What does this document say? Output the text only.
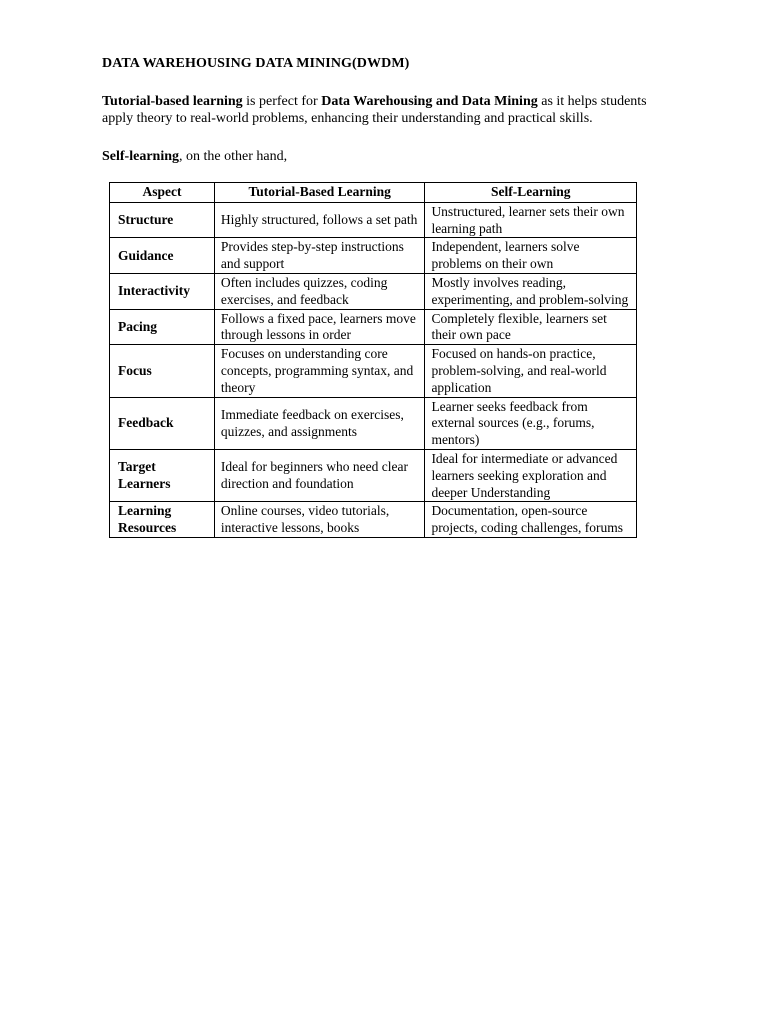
DATA WAREHOUSING DATA MINING(DWDM)
Tutorial-based learning is perfect for Data Warehousing and Data Mining as it helps students apply theory to real-world problems, enhancing their understanding and practical skills.
Self-learning, on the other hand,
Aspect	Tutorial-Based Learning	Self-Learning
Structure	Highly structured, follows a set path	Unstructured, learner sets their own learning path
Guidance	Provides step-by-step instructions and support	Independent, learners solve problems on their own
Interactivity	Often includes quizzes, coding exercises, and feedback	Mostly involves reading, experimenting, and problem-solving
Pacing	Follows a fixed pace, learners move through lessons in order	Completely flexible, learners set their own pace
Focus	Focuses on understanding core concepts, programming syntax, and theory	Focused on hands-on practice, problem-solving, and real-world application
Feedback	Immediate feedback on exercises, quizzes, and assignments	Learner seeks feedback from external sources (e.g., forums, mentors)
Target Learners	Ideal for beginners who need clear direction and foundation	Ideal for intermediate or advanced learners seeking exploration and deeper Understanding
Learning Resources	Online courses, video tutorials, interactive lessons, books	Documentation, open-source projects, coding challenges, forums
